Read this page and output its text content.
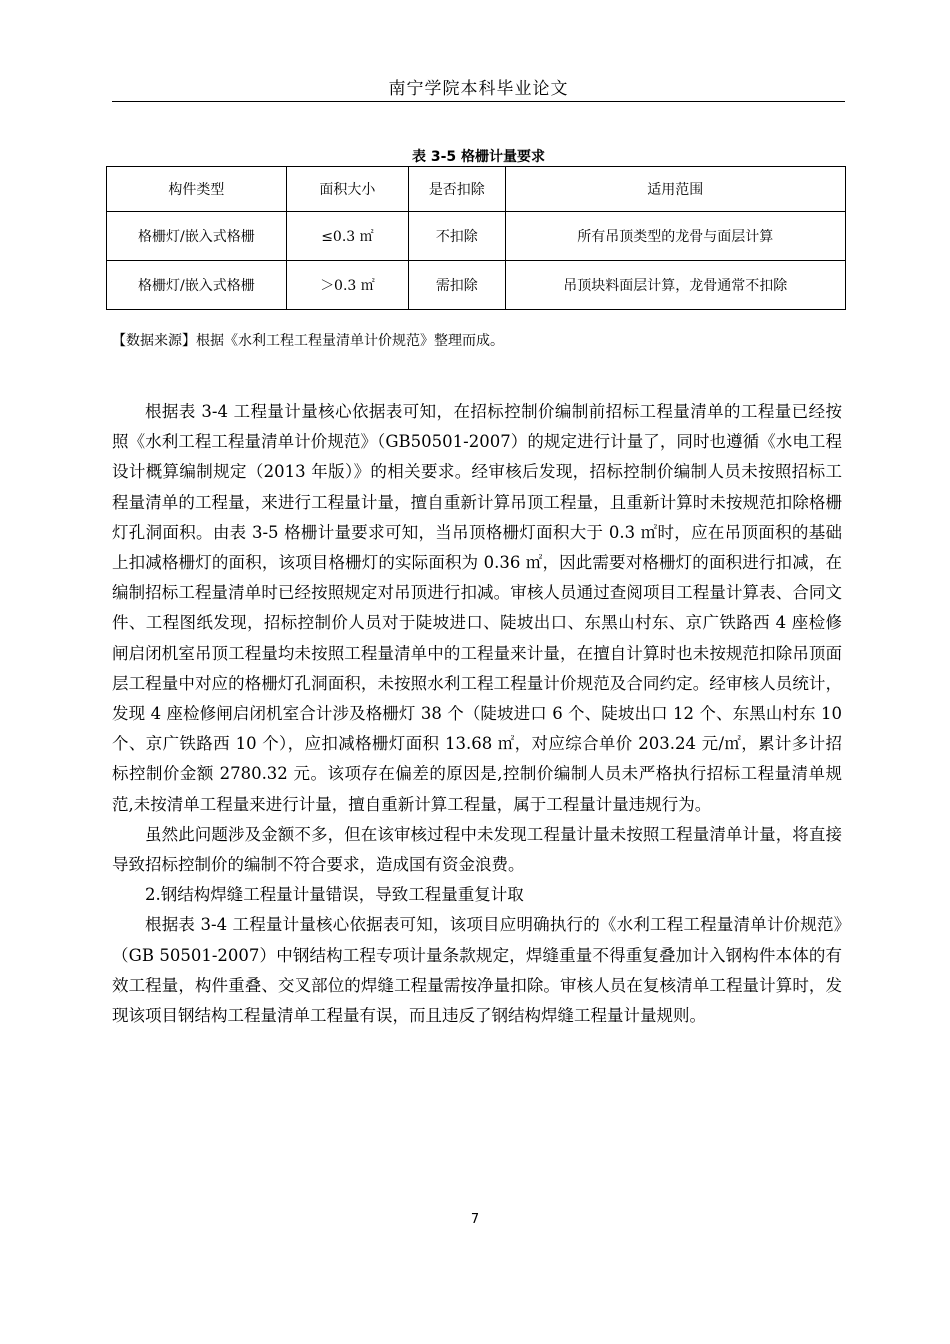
南宁学院本科毕业论文
表 3-5 格栅计量要求
构件类型	面积大小	是否扣除	适用范围
格栅灯/嵌入式格栅	≤0.3 ㎡	不扣除	所有吊顶类型的龙骨与面层计算
格栅灯/嵌入式格栅	＞0.3 ㎡	需扣除	吊顶块料面层计算，龙骨通常不扣除
【数据来源】根据《水利工程工程量清单计价规范》整理而成。

根据表 3-4 工程量计量核心依据表可知，在招标控制价编制前招标工程量清单的工程量已经按照《水利工程工程量清单计价规范》（GB50501-2007）的规定进行计量了，同时也遵循《水电工程设计概算编制规定（2013 年版）》的相关要求。经审核后发现，招标控制价编制人员未按照招标工程量清单的工程量，来进行工程量计量，擅自重新计算吊顶工程量，且重新计算时未按规范扣除格栅灯孔洞面积。由表 3-5 格栅计量要求可知，当吊顶格栅灯面积大于 0.3 ㎡时，应在吊顶面积的基础上扣减格栅灯的面积，该项目格栅灯的实际面积为 0.36 ㎡，因此需要对格栅灯的面积进行扣减，在编制招标工程量清单时已经按照规定对吊顶进行扣减。审核人员通过查阅项目工程量计算表、合同文件、工程图纸发现，招标控制价人员对于陡坡进口、陡坡出口、东黑山村东、京广铁路西 4 座检修闸启闭机室吊顶工程量均未按照工程量清单中的工程量来计量，在擅自计算时也未按规范扣除吊顶面层工程量中对应的格栅灯孔洞面积，未按照水利工程工程量计价规范及合同约定。经审核人员统计，发现 4 座检修闸启闭机室合计涉及格栅灯 38 个（陡坡进口 6 个、陡坡出口 12 个、东黑山村东 10 个、京广铁路西 10 个），应扣减格栅灯面积 13.68 ㎡，对应综合单价 203.24 元/㎡，累计多计招标控制价金额 2780.32 元。该项存在偏差的原因是,控制价编制人员未严格执行招标工程量清单规范,未按清单工程量来进行计量，擅自重新计算工程量，属于工程量计量违规行为。

虽然此问题涉及金额不多，但在该审核过程中未发现工程量计量未按照工程量清单计量，将直接导致招标控制价的编制不符合要求，造成国有资金浪费。

2.钢结构焊缝工程量计量错误，导致工程量重复计取

根据表 3-4 工程量计量核心依据表可知，该项目应明确执行的《水利工程工程量清单计价规范》（GB 50501-2007）中钢结构工程专项计量条款规定，焊缝重量不得重复叠加计入钢构件本体的有效工程量，构件重叠、交叉部位的焊缝工程量需按净量扣除。审核人员在复核清单工程量计算时，发现该项目钢结构工程量清单工程量有误，而且违反了钢结构焊缝工程量计量规则。

7
